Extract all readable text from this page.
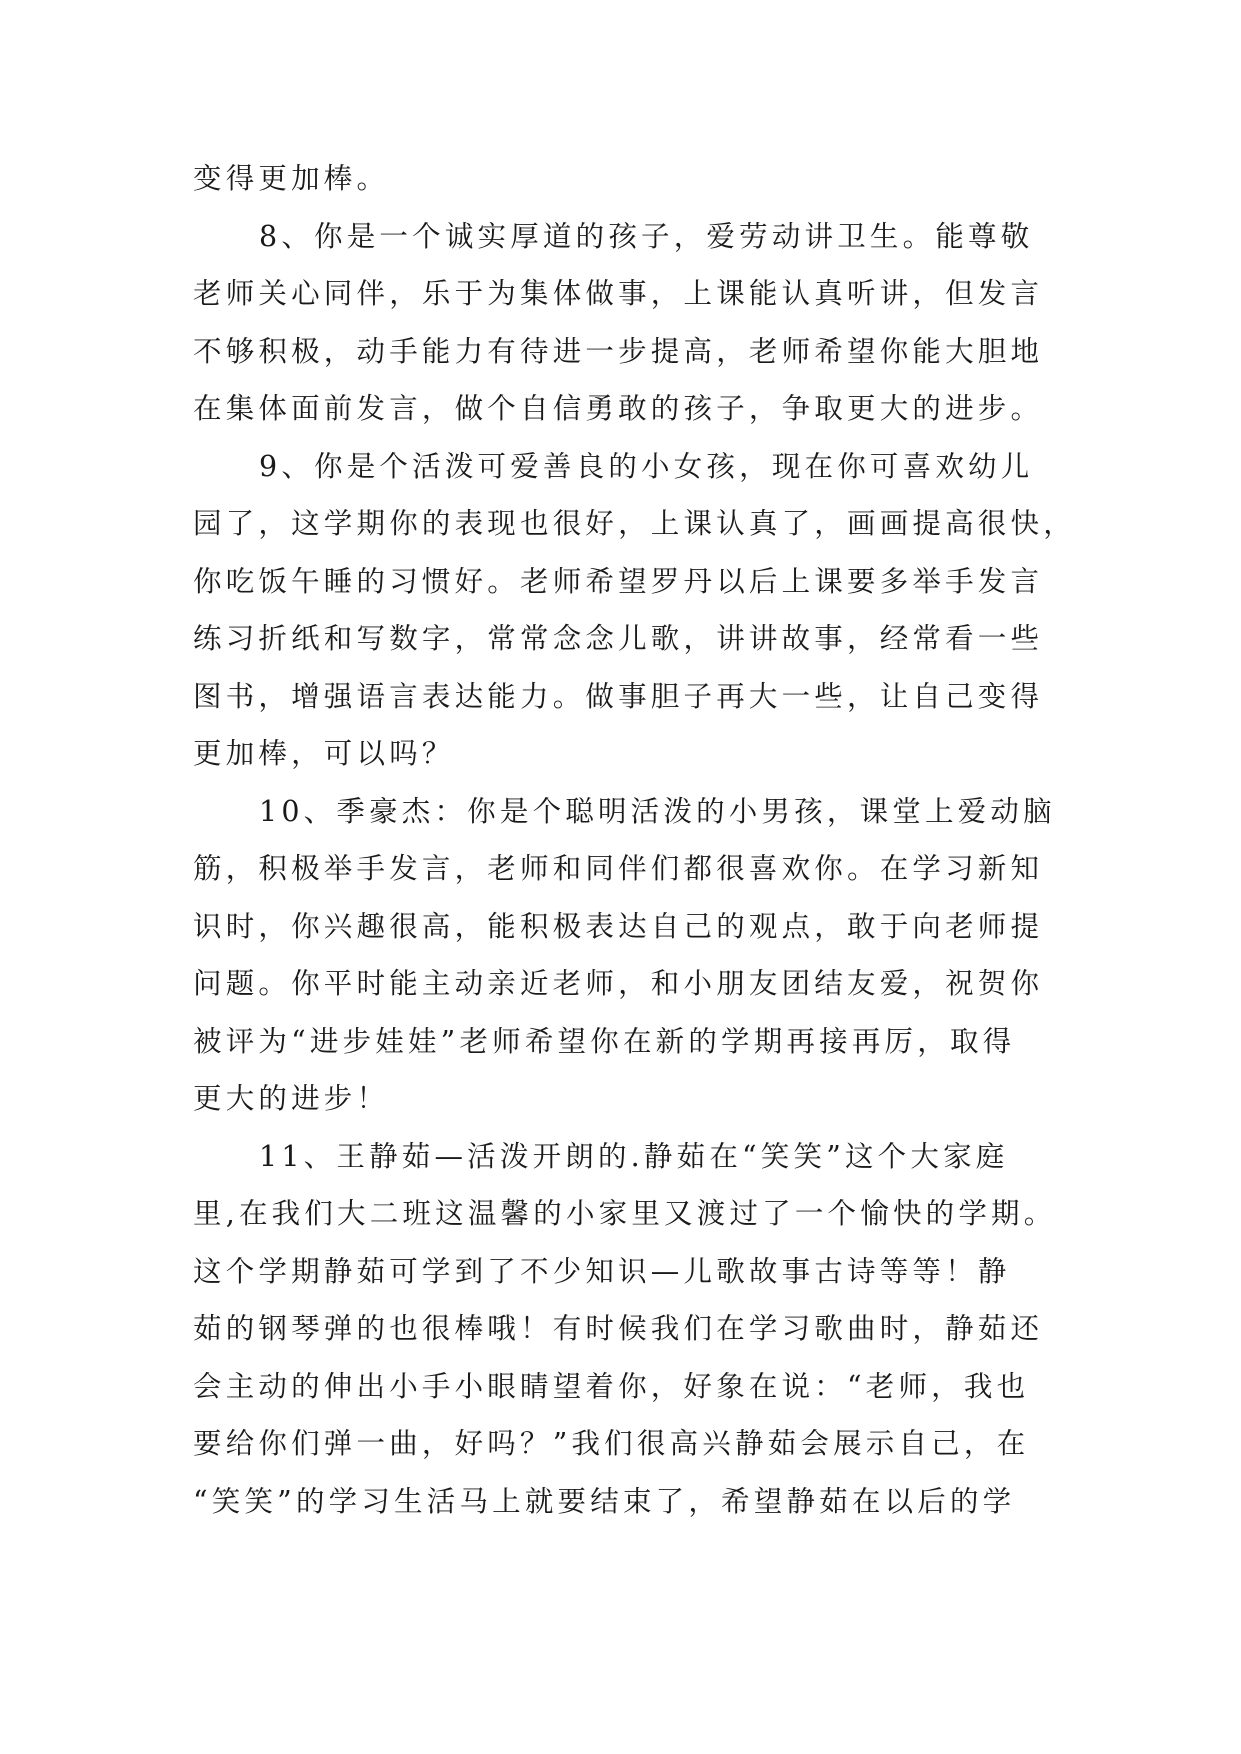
变得更加棒。
8、你是一个诚实厚道的孩子，爱劳动讲卫生。能尊敬
老师关心同伴，乐于为集体做事，上课能认真听讲，但发言
不够积极，动手能力有待进一步提高，老师希望你能大胆地
在集体面前发言，做个自信勇敢的孩子，争取更大的进步。
9、你是个活泼可爱善良的小女孩，现在你可喜欢幼儿
园了，这学期你的表现也很好，上课认真了，画画提高很快，
你吃饭午睡的习惯好。老师希望罗丹以后上课要多举手发言
练习折纸和写数字，常常念念儿歌，讲讲故事，经常看一些
图书，增强语言表达能力。做事胆子再大一些，让自己变得
更加棒，可以吗？
10、季豪杰：你是个聪明活泼的小男孩，课堂上爱动脑
筋，积极举手发言，老师和同伴们都很喜欢你。在学习新知
识时，你兴趣很高，能积极表达自己的观点，敢于向老师提
问题。你平时能主动亲近老师，和小朋友团结友爱，祝贺你
被评为“进步娃娃”老师希望你在新的学期再接再厉，取得
更大的进步！
11、王静茹—活泼开朗的.静茹在“笑笑”这个大家庭
里,在我们大二班这温馨的小家里又渡过了一个愉快的学期。
这个学期静茹可学到了不少知识—儿歌故事古诗等等！静
茹的钢琴弹的也很棒哦！有时候我们在学习歌曲时，静茹还
会主动的伸出小手小眼睛望着你，好象在说：“老师，我也
要给你们弹一曲，好吗？”我们很高兴静茹会展示自己，在
“笑笑”的学习生活马上就要结束了，希望静茹在以后的学
